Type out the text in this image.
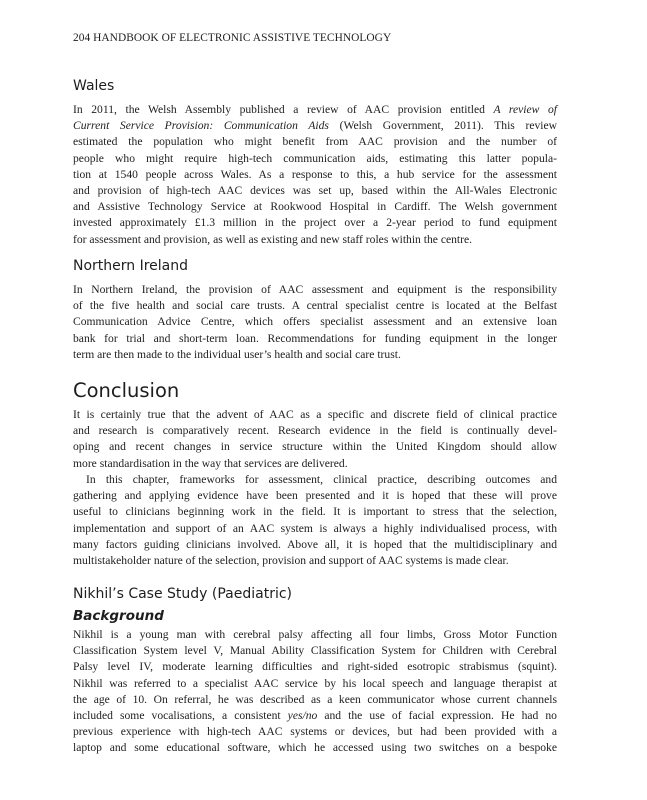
204 HANDBOOK OF ELECTRONIC ASSISTIVE TECHNOLOGY
Wales
In 2011, the Welsh Assembly published a review of AAC provision entitled A review of
Current Service Provision: Communication Aids (Welsh Government, 2011). This review
estimated the population who might benefit from AAC provision and the number of
people who might require high-tech communication aids, estimating this latter popula-
tion at 1540 people across Wales. As a response to this, a hub service for the assessment
and provision of high-tech AAC devices was set up, based within the All-Wales Electronic
and Assistive Technology Service at Rookwood Hospital in Cardiff. The Welsh government
invested approximately £1.3 million in the project over a 2-year period to fund equipment
for assessment and provision, as well as existing and new staff roles within the centre.
Northern Ireland
In Northern Ireland, the provision of AAC assessment and equipment is the responsibility
of the five health and social care trusts. A central specialist centre is located at the Belfast
Communication Advice Centre, which offers specialist assessment and an extensive loan
bank for trial and short-term loan. Recommendations for funding equipment in the longer
term are then made to the individual user’s health and social care trust.
Conclusion
It is certainly true that the advent of AAC as a specific and discrete field of clinical practice
and research is comparatively recent. Research evidence in the field is continually devel-
oping and recent changes in service structure within the United Kingdom should allow
more standardisation in the way that services are delivered.
In this chapter, frameworks for assessment, clinical practice, describing outcomes and
gathering and applying evidence have been presented and it is hoped that these will prove
useful to clinicians beginning work in the field. It is important to stress that the selection,
implementation and support of an AAC system is always a highly individualised process, with
many factors guiding clinicians involved. Above all, it is hoped that the multidisciplinary and
multistakeholder nature of the selection, provision and support of AAC systems is made clear.
Nikhil’s Case Study (Paediatric)
Background
Nikhil is a young man with cerebral palsy affecting all four limbs, Gross Motor Function
Classification System level V, Manual Ability Classification System for Children with Cerebral
Palsy level IV, moderate learning difficulties and right-sided esotropic strabismus (squint).
Nikhil was referred to a specialist AAC service by his local speech and language therapist at
the age of 10. On referral, he was described as a keen communicator whose current channels
included some vocalisations, a consistent yes/no and the use of facial expression. He had no
previous experience with high-tech AAC systems or devices, but had been provided with a
laptop and some educational software, which he accessed using two switches on a bespoke
